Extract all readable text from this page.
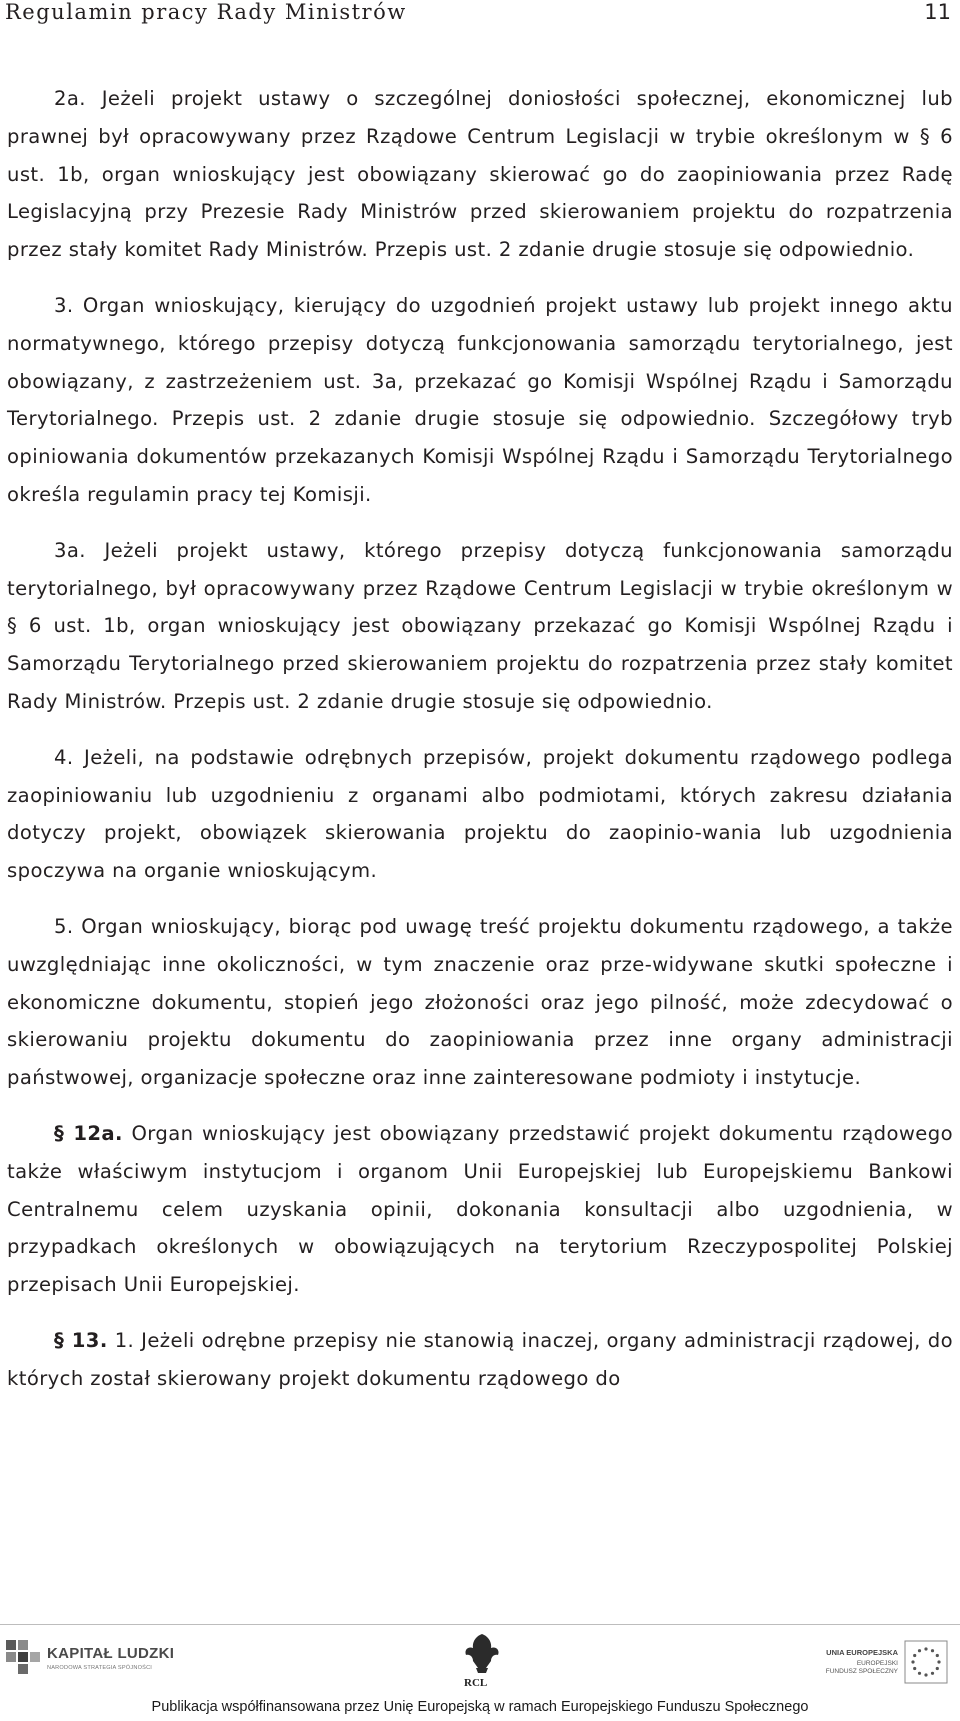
Regulamin pracy Rady Ministrów	11

2a. Jeżeli projekt ustawy o szczególnej doniosłości społecznej, ekonomicznej lub prawnej był opracowywany przez Rządowe Centrum Legislacji w trybie określonym w § 6 ust. 1b, organ wnioskujący jest obowiązany skierować go do zaopiniowania przez Radę Legislacyjną przy Prezesie Rady Ministrów przed skierowaniem projektu do rozpatrzenia przez stały komitet Rady Ministrów. Przepis ust. 2 zdanie drugie stosuje się odpowiednio.

3. Organ wnioskujący, kierujący do uzgodnień projekt ustawy lub projekt innego aktu normatywnego, którego przepisy dotyczą funkcjonowania samorządu terytorialnego, jest obowiązany, z zastrzeżeniem ust. 3a, przekazać go Komisji Wspólnej Rządu i Samorządu Terytorialnego. Przepis ust. 2 zdanie drugie stosuje się odpowiednio. Szczegółowy tryb opiniowania dokumentów przekazanych Komisji Wspólnej Rządu i Samorządu Terytorialnego określa regulamin pracy tej Komisji.

3a. Jeżeli projekt ustawy, którego przepisy dotyczą funkcjonowania samorządu terytorialnego, był opracowywany przez Rządowe Centrum Legislacji w trybie określonym w § 6 ust. 1b, organ wnioskujący jest obowiązany przekazać go Komisji Wspólnej Rządu i Samorządu Terytorialnego przed skierowaniem projektu do rozpatrzenia przez stały komitet Rady Ministrów. Przepis ust. 2 zdanie drugie stosuje się odpowiednio.

4. Jeżeli, na podstawie odrębnych przepisów, projekt dokumentu rządowego podlega zaopiniowaniu lub uzgodnieniu z organami albo podmiotami, których zakresu działania dotyczy projekt, obowiązek skierowania projektu do zaopinio-wania lub uzgodnienia spoczywa na organie wnioskującym.

5. Organ wnioskujący, biorąc pod uwagę treść projektu dokumentu rządowego, a także uwzględniając inne okoliczności, w tym znaczenie oraz prze-widywane skutki społeczne i ekonomiczne dokumentu, stopień jego złożoności oraz jego pilność, może zdecydować o skierowaniu projektu dokumentu do zaopiniowania przez inne organy administracji państwowej, organizacje społeczne oraz inne zainteresowane podmioty i instytucje.

§ 12a. Organ wnioskujący jest obowiązany przedstawić projekt dokumentu rządowego także właściwym instytucjom i organom Unii Europejskiej lub Europejskiemu Bankowi Centralnemu celem uzyskania opinii, dokonania konsultacji albo uzgodnienia, w przypadkach określonych w obowiązujących na terytorium Rzeczypospolitej Polskiej przepisach Unii Europejskiej.

§ 13. 1. Jeżeli odrębne przepisy nie stanowią inaczej, organy administracji rządowej, do których został skierowany projekt dokumentu rządowego do

KAPITAŁ LUDZKI
NARODOWA STRATEGIA SPÓJNOŚCI
RCL
UNIA EUROPEJSKA
EUROPEJSKI
FUNDUSZ SPOŁECZNY
Publikacja współfinansowana przez Unię Europejską w ramach Europejskiego Funduszu Społecznego
